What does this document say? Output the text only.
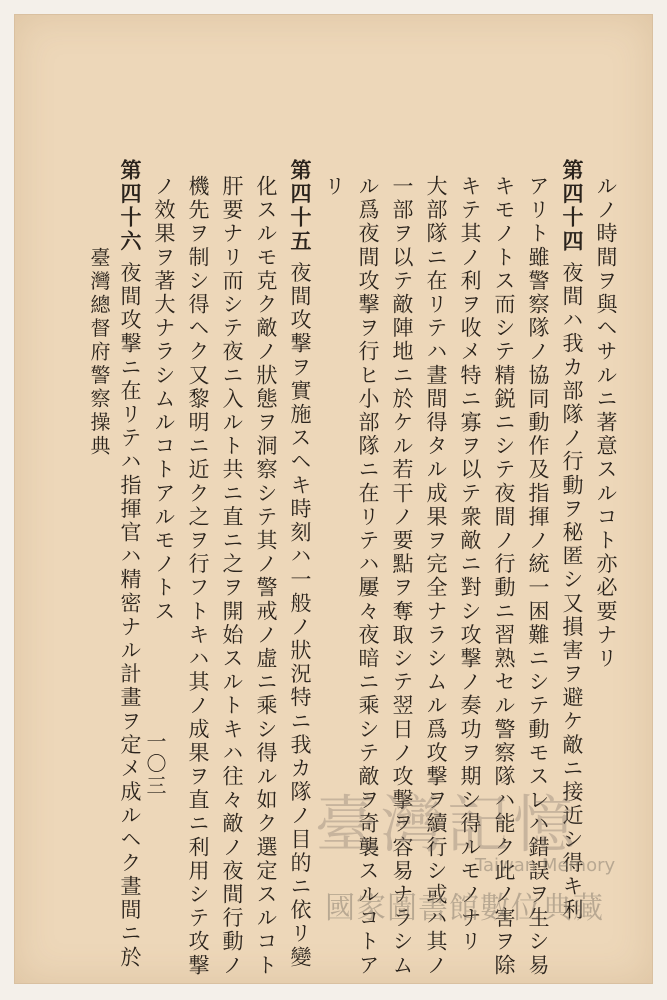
ルノ時間ヲ與ヘサルニ著意スルコト亦必要ナリ
第四十四夜間ハ我カ部隊ノ行動ヲ秘匿シ又損害ヲ避ケ敵ニ接近シ得キ利
アリト雖警察隊ノ協同動作及指揮ノ統一困難ニシテ動モスレハ錯誤ヲ生シ易
キモノトス而シテ精鋭ニシテ夜間ノ行動ニ習熟セル警察隊ハ能ク此ノ害ヲ除
キテ其ノ利ヲ收メ特ニ寡ヲ以テ衆敵ニ對シ攻撃ノ奏功ヲ期シ得ルモノナリ
大部隊ニ在リテハ晝間得タル成果ヲ完全ナラシムル爲攻撃ヲ續行シ或ハ其ノ
一部ヲ以テ敵陣地ニ於ケル若干ノ要點ヲ奪取シテ翌日ノ攻撃ヲ容易ナラシム
ル爲夜間攻撃ヲ行ヒ小部隊ニ在リテハ屢々夜暗ニ乘シテ敵ヲ奇襲スルコトア
リ
第四十五夜間攻撃ヲ實施スヘキ時刻ハ一般ノ狀況特ニ我カ隊ノ目的ニ依リ變
化スルモ克ク敵ノ狀態ヲ洞察シテ其ノ警戒ノ虛ニ乘シ得ル如ク選定スルコト
肝要ナリ而シテ夜ニ入ルト共ニ直ニ之ヲ開始スルトキハ往々敵ノ夜間行動ノ
機先ヲ制シ得ヘク又黎明ニ近ク之ヲ行フトキハ其ノ成果ヲ直ニ利用シテ攻撃
ノ效果ヲ著大ナラシムルコトアルモノトス
第四十六夜間攻撃ニ在リテハ指揮官ハ精密ナル計畫ヲ定メ成ルヘク晝間ニ於
臺灣總督府警察操典
一〇三
臺灣記憶
Taiwan Memory
國家圖書館數位典藏
